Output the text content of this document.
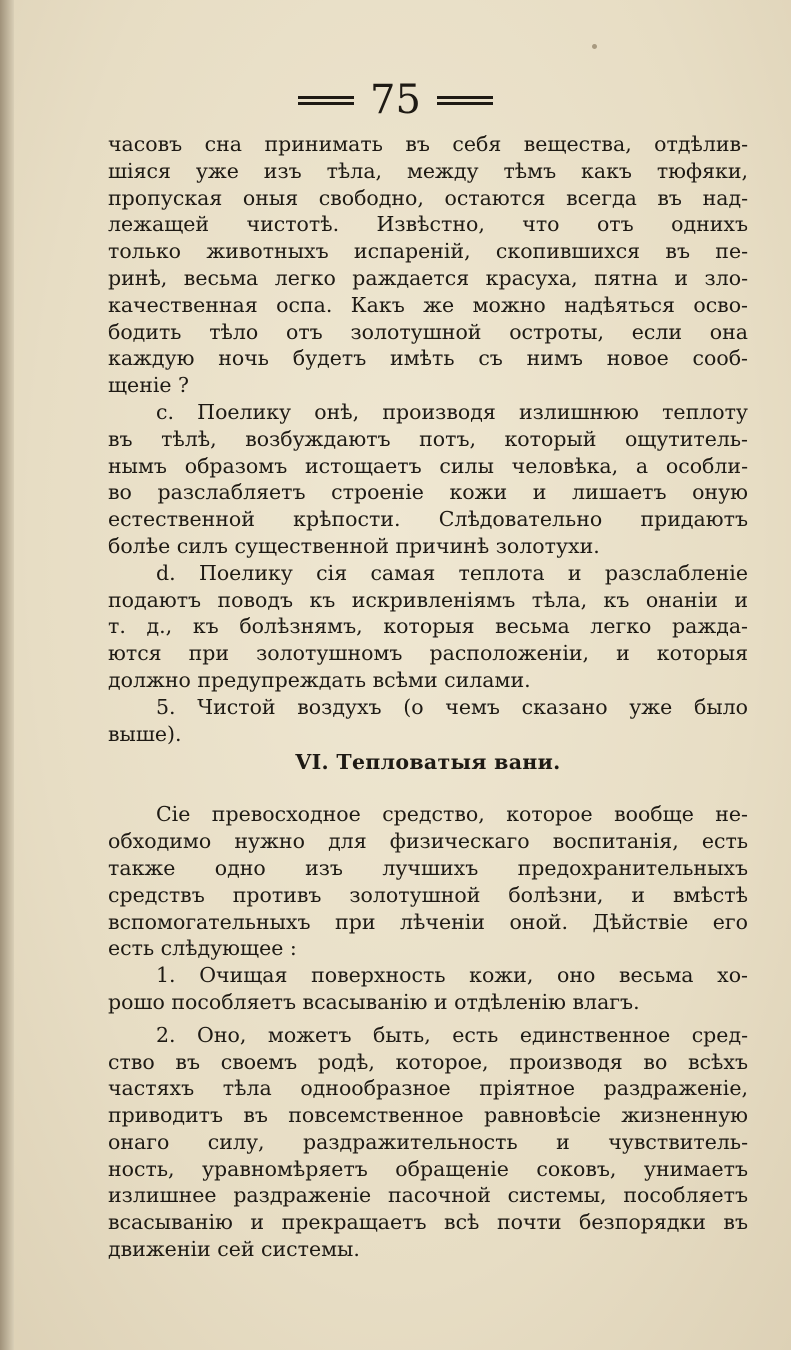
75
часовъ сна принимать въ себя вещества, отдѣлив-
шіяся уже изъ тѣла, между тѣмъ какъ тюфяки,
пропуская оныя свободно, остаются всегда въ над-
лежащей чистотѣ. Извѣстно, что отъ однихъ
только животныхъ испареній, скопившихся въ пе-
ринѣ, весьма легко раждается красуха, пятна и зло-
качественная оспа. Какъ же можно надѣяться осво-
бодить тѣло отъ золотушной остроты, если она
каждую ночь будетъ имѣть съ нимъ новое сооб-
щеніе ?
c. Поелику онѣ, производя излишнюю теплоту
въ тѣлѣ, возбуждаютъ потъ, который ощутитель-
нымъ образомъ истощаетъ силы человѣка, а особли-
во разслабляетъ строеніе кожи и лишаетъ оную
естественной крѣпости. Слѣдовательно придаютъ
болѣе силъ существенной причинѣ золотухи.
d. Поелику сія самая теплота и разслабленіе
подаютъ поводъ къ искривленіямъ тѣла, къ онаніи и
т. д., къ болѣзнямъ, которыя весьма легко ражда-
ются при золотушномъ расположеніи, и которыя
должно предупреждать всѣми силами.
5. Чистой воздухъ (о чемъ сказано уже было
выше).
VI. Тепловатыя вани.
Сіе превосходное средство, которое вообще не-
обходимо нужно для физическаго воспитанія, есть
также одно изъ лучшихъ предохранительныхъ
средствъ противъ золотушной болѣзни, и вмѣстѣ
вспомогательныхъ при лѣченіи оной. Дѣйствіе его
есть слѣдующее :
1. Очищая поверхность кожи, оно весьма хо-
рошо пособляетъ всасыванію и отдѣленію влагъ.
2. Оно, можетъ быть, есть единственное сред-
ство въ своемъ родѣ, которое, производя во всѣхъ
частяхъ тѣла однообразное пріятное раздраженіе,
приводитъ въ повсемственное равновѣсіе жизненную
онаго силу, раздражительность и чувствитель-
ность, уравномѣряетъ обращеніе соковъ, унимаетъ
излишнее раздраженіе пасочной системы, пособляетъ
всасыванію и прекращаетъ всѣ почти безпорядки въ
движеніи сей системы.
